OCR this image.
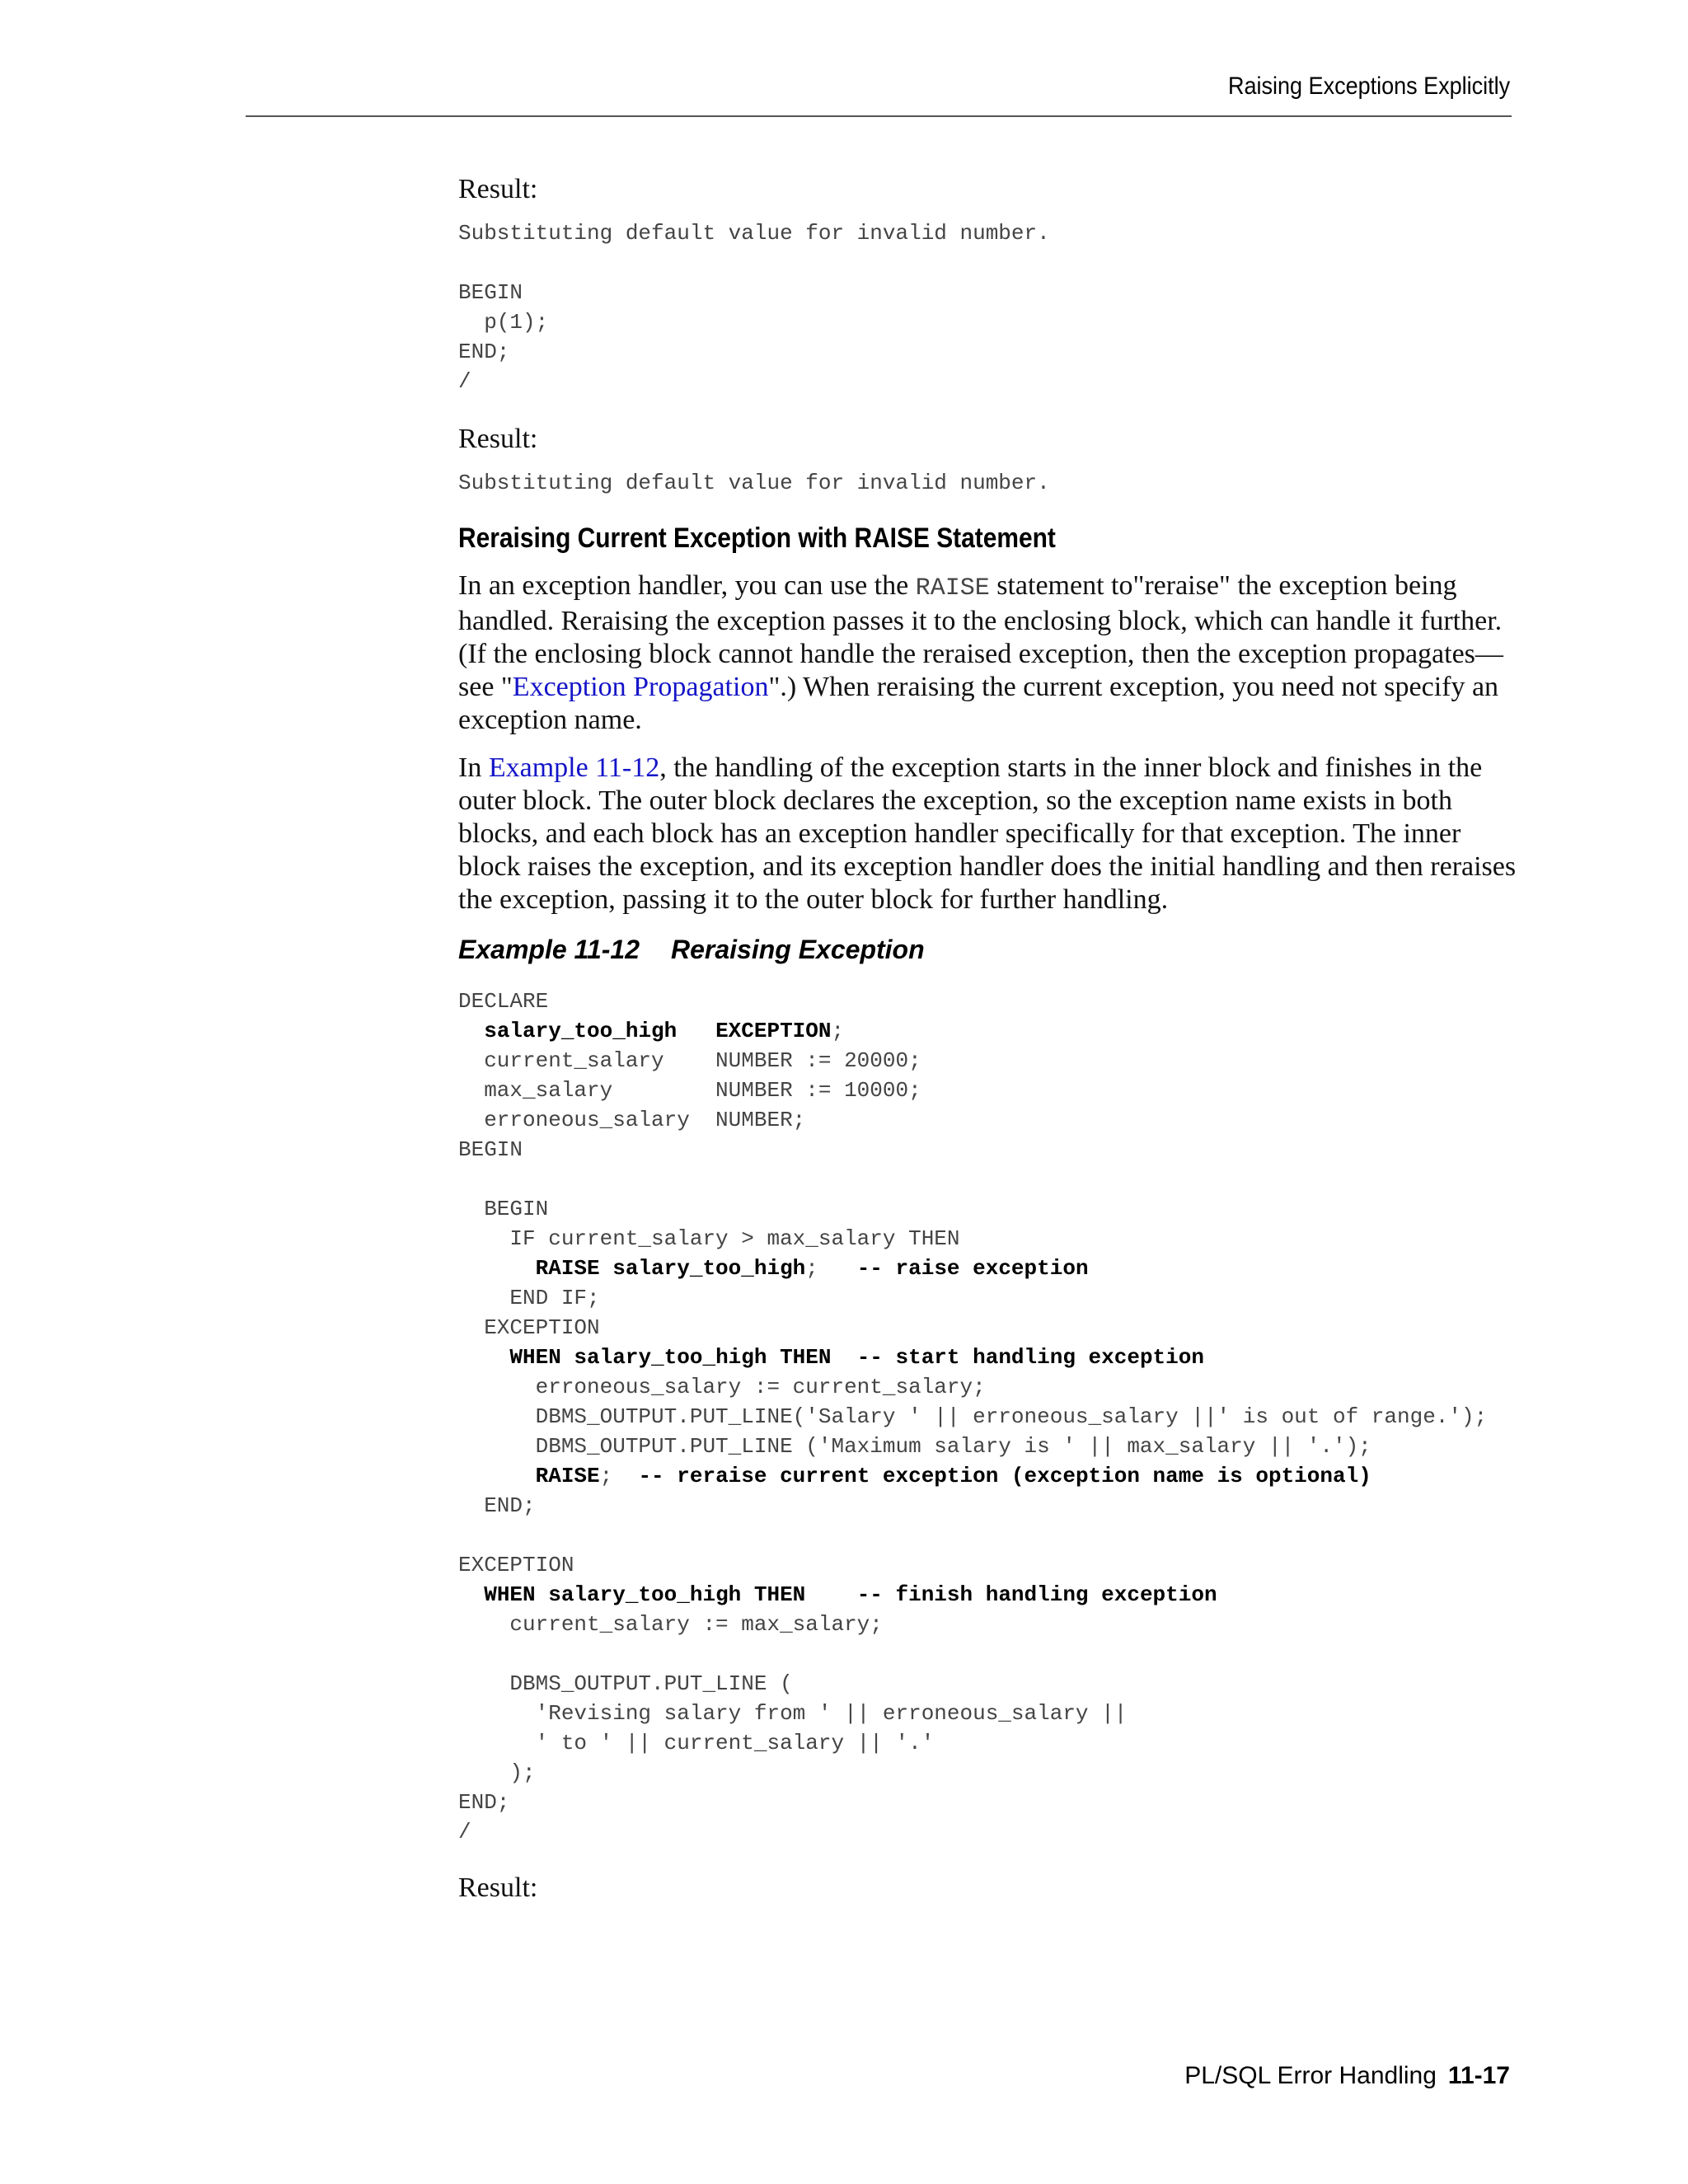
Raising Exceptions Explicitly

Result:

Substituting default value for invalid number.
BEGIN
p(1);
END;
/

Result:

Substituting default value for invalid number.
Reraising Current Exception with RAISE Statement

In an exception handler, you can use the RAISE statement to"reraise" the exception being handled. Reraising the exception passes it to the enclosing block, which can handle it further. (If the enclosing block cannot handle the reraised exception, then the exception propagates—see "Exception Propagation".) When reraising the current exception, you need not specify an exception name.

In Example 11-12, the handling of the exception starts in the inner block and finishes in the outer block. The outer block declares the exception, so the exception name exists in both blocks, and each block has an exception handler specifically for that exception. The inner block raises the exception, and its exception handler does the initial handling and then reraises the exception, passing it to the outer block for further handling.

Example 11-12 Reraising Exception
DECLARE
salary_too_high   EXCEPTION;
current_salary    NUMBER := 20000;
max_salary        NUMBER := 10000;
erroneous_salary  NUMBER;
BEGIN

BEGIN
IF current_salary > max_salary THEN
RAISE salary_too_high;   -- raise exception
END IF;
EXCEPTION
WHEN salary_too_high THEN  -- start handling exception
erroneous_salary := current_salary;
DBMS_OUTPUT.PUT_LINE('Salary ' || erroneous_salary ||' is out of range.');
DBMS_OUTPUT.PUT_LINE ('Maximum salary is ' || max_salary || '.');
RAISE;  -- reraise current exception (exception name is optional)
END;

EXCEPTION
WHEN salary_too_high THEN    -- finish handling exception
current_salary := max_salary;

DBMS_OUTPUT.PUT_LINE (
'Revising salary from ' || erroneous_salary ||
' to ' || current_salary || '.'
);
END;
/

Result:

PL/SQL Error Handling 11-17
